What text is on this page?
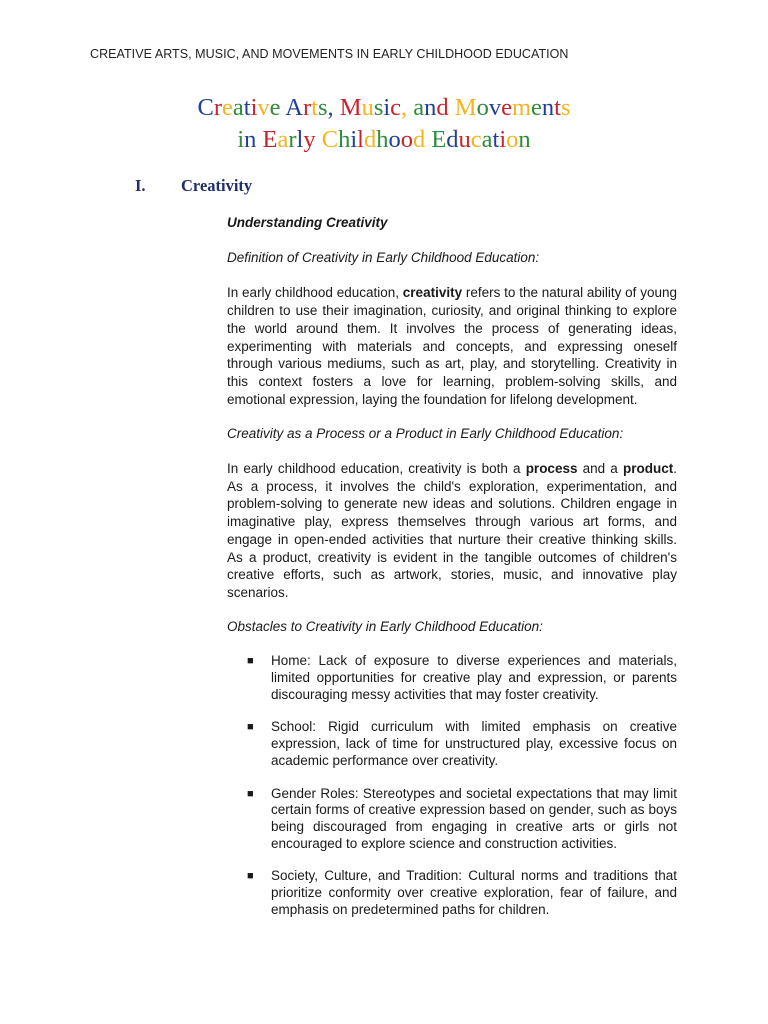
CREATIVE ARTS, MUSIC, AND MOVEMENTS IN EARLY CHILDHOOD EDUCATION
Creative Arts, Music, and Movements
in Early Childhood Education
I. Creativity

Understanding Creativity

Definition of Creativity in Early Childhood Education:

In early childhood education, creativity refers to the natural ability of young children to use their imagination, curiosity, and original thinking to explore the world around them. It involves the process of generating ideas, experimenting with materials and concepts, and expressing oneself through various mediums, such as art, play, and storytelling. Creativity in this context fosters a love for learning, problem-solving skills, and emotional expression, laying the foundation for lifelong development.

Creativity as a Process or a Product in Early Childhood Education:

In early childhood education, creativity is both a process and a product. As a process, it involves the child's exploration, experimentation, and problem-solving to generate new ideas and solutions. Children engage in imaginative play, express themselves through various art forms, and engage in open-ended activities that nurture their creative thinking skills. As a product, creativity is evident in the tangible outcomes of children's creative efforts, such as artwork, stories, music, and innovative play scenarios.

Obstacles to Creativity in Early Childhood Education:

■ Home: Lack of exposure to diverse experiences and materials, limited opportunities for creative play and expression, or parents discouraging messy activities that may foster creativity.
■ School: Rigid curriculum with limited emphasis on creative expression, lack of time for unstructured play, excessive focus on academic performance over creativity.
■ Gender Roles: Stereotypes and societal expectations that may limit certain forms of creative expression based on gender, such as boys being discouraged from engaging in creative arts or girls not encouraged to explore science and construction activities.
■ Society, Culture, and Tradition: Cultural norms and traditions that prioritize conformity over creative exploration, fear of failure, and emphasis on predetermined paths for children.
